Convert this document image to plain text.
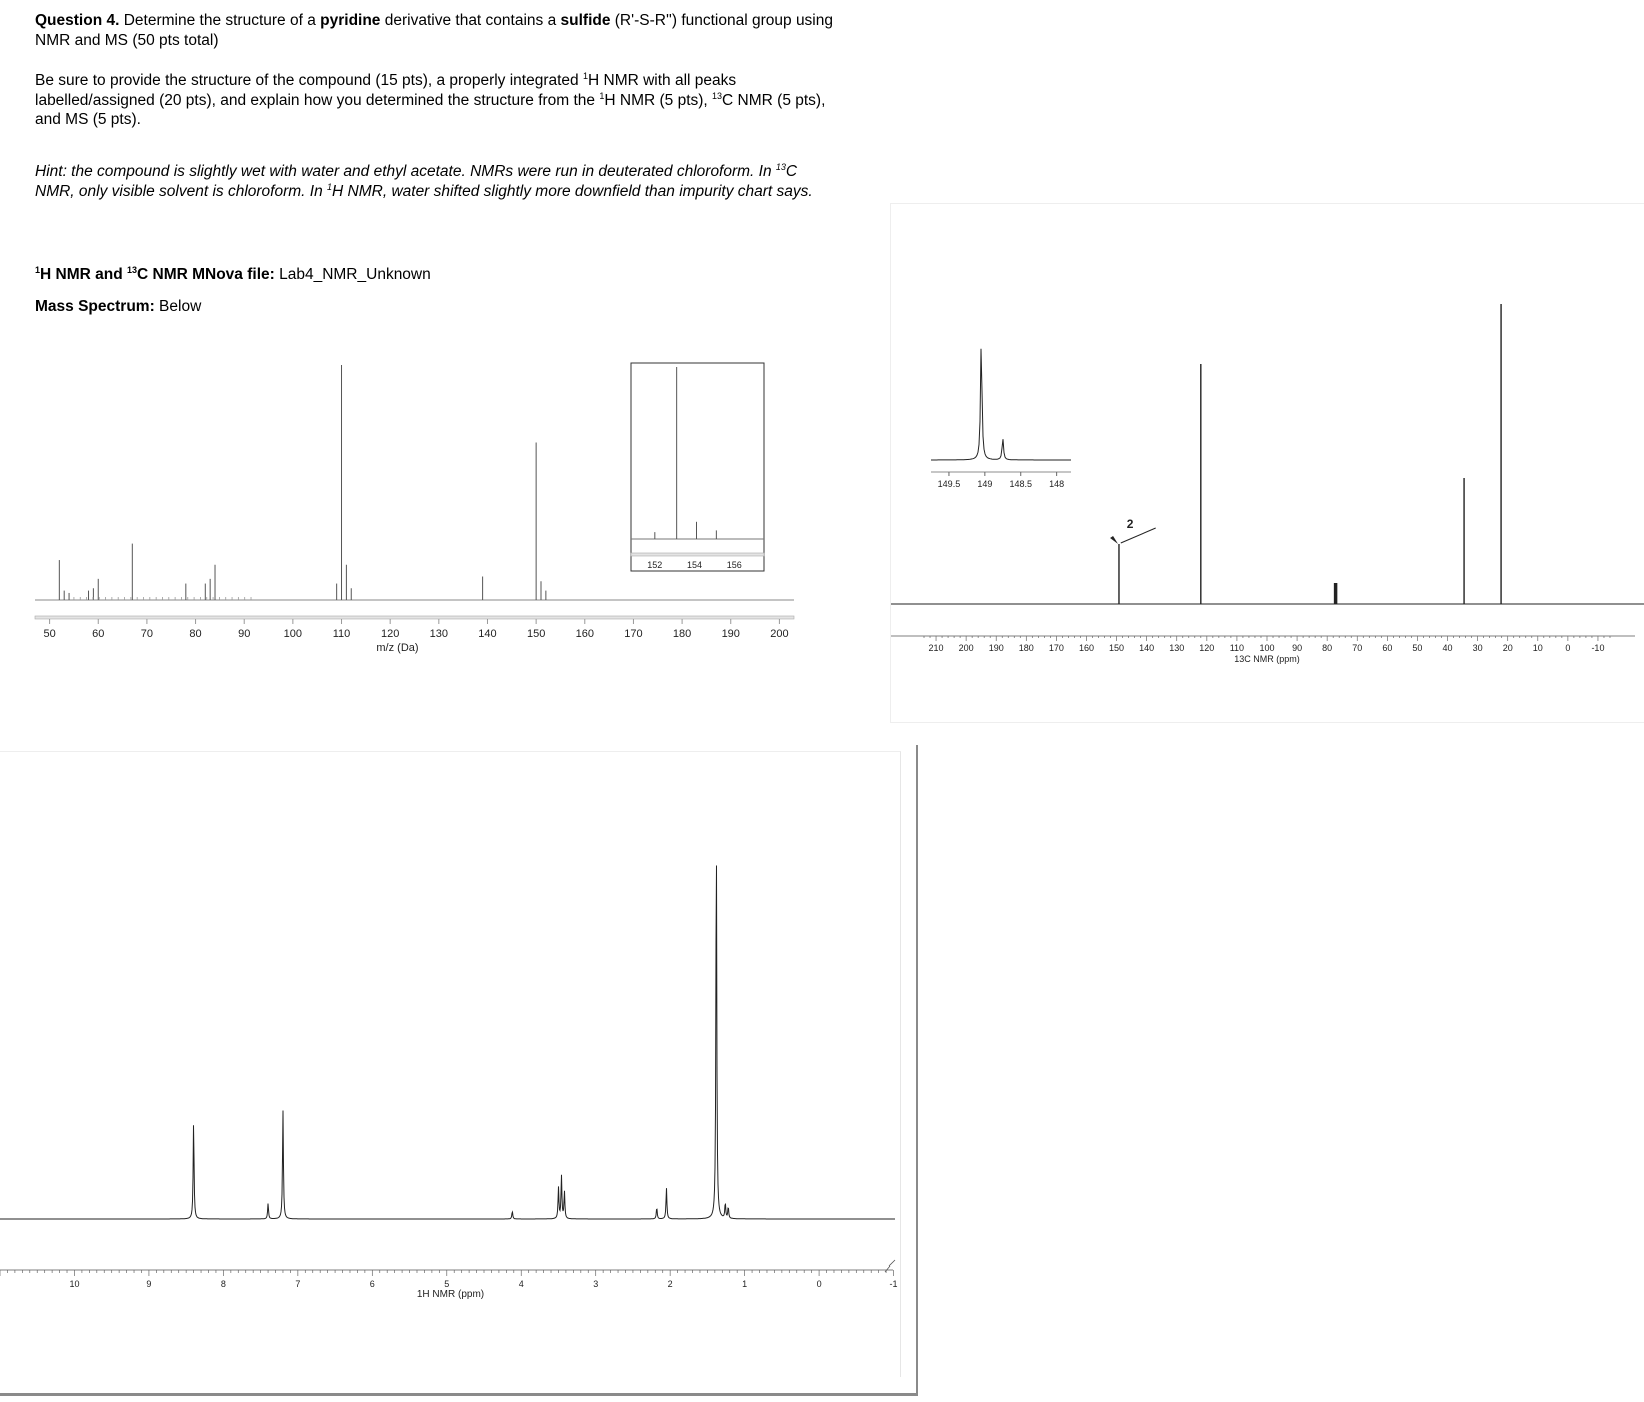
Question 4. Determine the structure of a pyridine derivative that contains a sulfide (R'-S-R'') functional group using NMR and MS (50 pts total)
Be sure to provide the structure of the compound (15 pts), a properly integrated $^1$H NMR with all peaks labelled/assigned (20 pts), and explain how you determined the structure from the $^1$H NMR (5 pts), $^{13}$C NMR (5 pts), and MS (5 pts).
Hint: the compound is slightly wet with water and ethyl acetate. NMRs were run in deuterated chloroform. In $^{13}$C NMR, only visible solvent is chloroform. In $^1$H NMR, water shifted slightly more downfield than impurity chart says.
$^1$H NMR and $^{13}$C NMR MNova file: Lab4_NMR_Unknown
Mass Spectrum: Below
50	60	70	80	90	100	110	120	130	140	150	160	170	180	190	200
m/z (Da)
152	154	156
210 200 190 180 170 160 150 140 130 120 110 100 90 80 70 60 50 40 30 20 10	0 -10
13C NMR (ppm)
149.5 149 148.5 148
2
10	9	8	7	6	5	4	3	2	1	0	-1
1H NMR (ppm)
